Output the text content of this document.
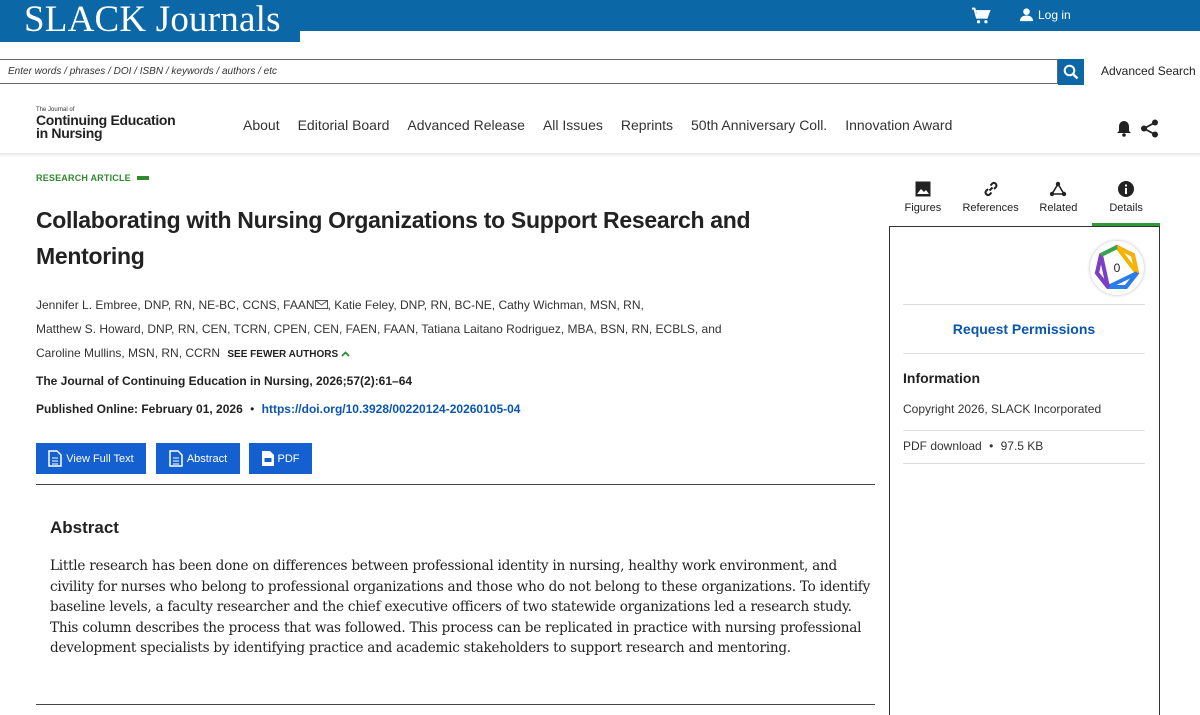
SLACK Journals	Log in
Enter words / phrases / DOI / ISBN / keywords / authors / etc
Advanced Search
The Journal of
Continuing Education
in Nursing	About Editorial Board Advanced Release All Issues Reprints 50th Anniversary Coll. Innovation Award
RESEARCH ARTICLE
Collaborating with Nursing Organizations to Support Research and Mentoring
Jennifer L. Embree, DNP, RN, NE-BC, CCNS, FAAN , Katie Feley, DNP, RN, BC-NE, Cathy Wichman, MSN, RN,
Matthew S. Howard, DNP, RN, CEN, TCRN, CPEN, CEN, FAEN, FAAN, Tatiana Laitano Rodriguez, MBA, BSN, RN, ECBLS, and
Caroline Mullins, MSN, RN, CCRN SEE FEWER AUTHORS
The Journal of Continuing Education in Nursing, 2026;57(2):61–64
Published Online: February 01, 2026 • https://doi.org/10.3928/00220124-20260105-04
View Full Text	Abstract	PDF
Abstract
Little research has been done on differences between professional identity in nursing, healthy work environment, and civility for nurses who belong to professional organizations and those who do not belong to these organizations. To identify baseline levels, a faculty researcher and the chief executive officers of two statewide organizations led a research study. This column describes the process that was followed. This process can be replicated in practice with nursing professional development specialists by identifying practice and academic stakeholders to support research and mentoring.
Figures References Related	Details
0
Request Permissions
Information
Copyright 2026, SLACK Incorporated
PDF download • 97.5 KB
